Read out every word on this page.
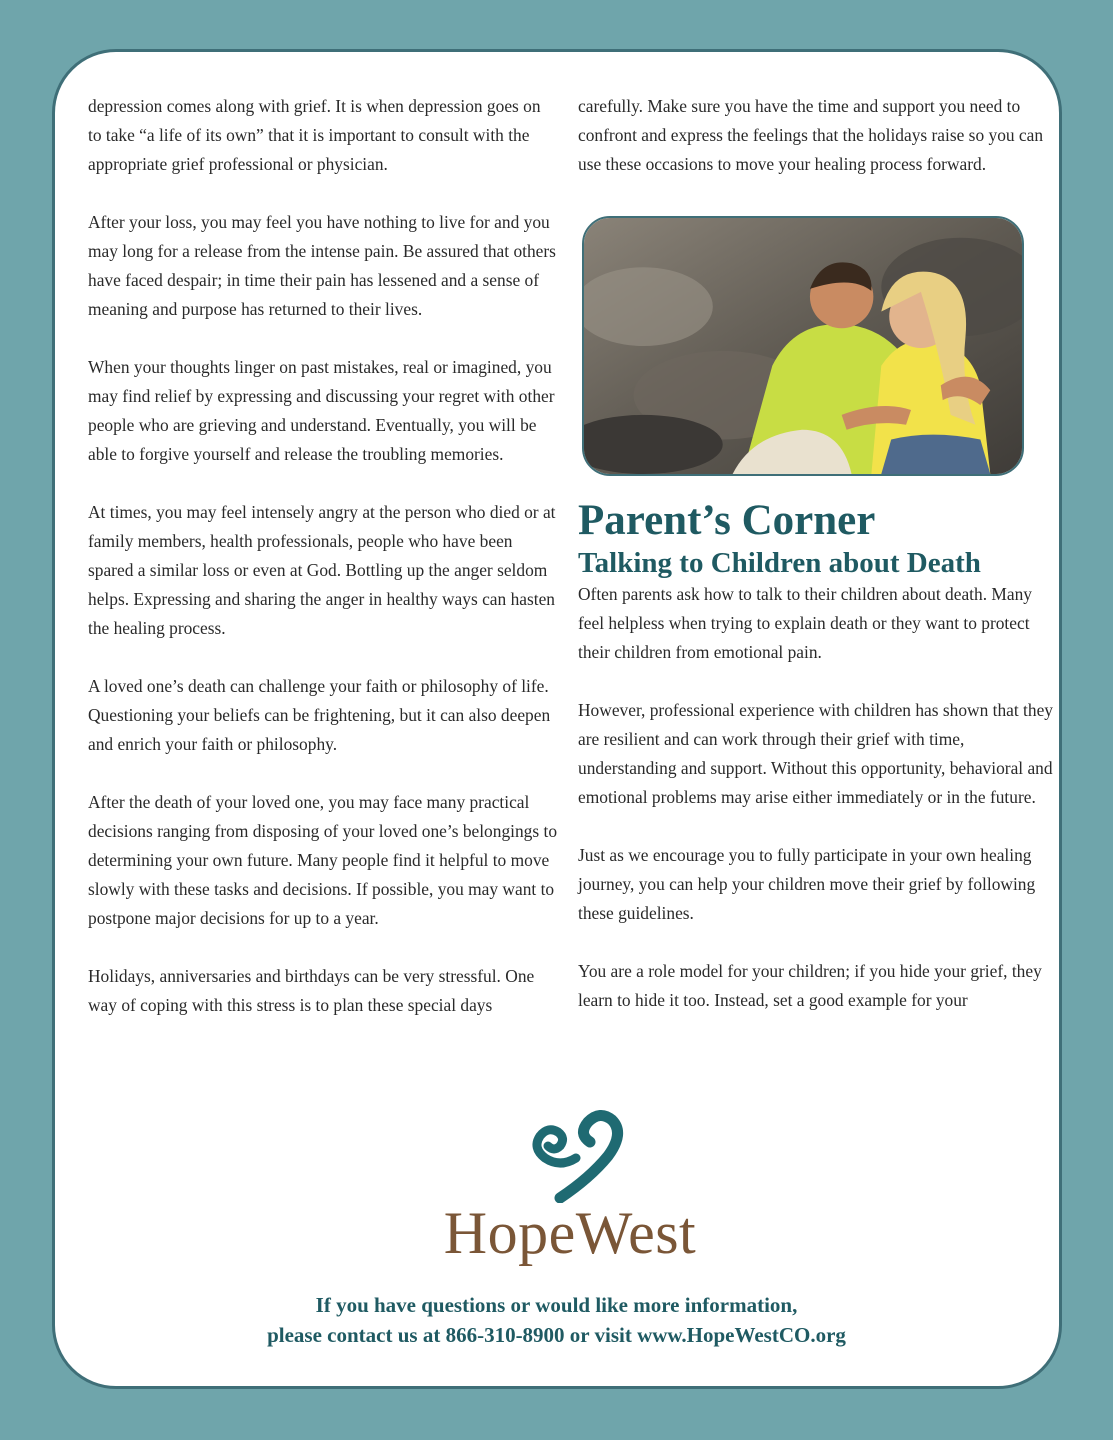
depression comes along with grief. It is when depression goes on to take “a life of its own” that it is important to consult with the appropriate grief professional or physician.

After your loss, you may feel you have nothing to live for and you may long for a release from the intense pain. Be assured that others have faced despair; in time their pain has lessened and a sense of meaning and purpose has returned to their lives.

When your thoughts linger on past mistakes, real or imagined, you may find relief by expressing and discussing your regret with other people who are grieving and understand. Eventually, you will be able to forgive yourself and release the troubling memories.

At times, you may feel intensely angry at the person who died or at family members, health professionals, people who have been spared a similar loss or even at God. Bottling up the anger seldom helps. Expressing and sharing the anger in healthy ways can hasten the healing process.

A loved one’s death can challenge your faith or philosophy of life. Questioning your beliefs can be frightening, but it can also deepen and enrich your faith or philosophy.

After the death of your loved one, you may face many practical decisions ranging from disposing of your loved one’s belongings to determining your own future. Many people find it helpful to move slowly with these tasks and decisions. If possible, you may want to postpone major decisions for up to a year.

Holidays, anniversaries and birthdays can be very stressful. One way of coping with this stress is to plan these special days

carefully. Make sure you have the time and support you need to confront and express the feelings that the holidays raise so you can use these occasions to move your healing process forward.

Parent’s Corner
Talking to Children about Death

Often parents ask how to talk to their children about death. Many feel helpless when trying to explain death or they want to protect their children from emotional pain.

However, professional experience with children has shown that they are resilient and can work through their grief with time, understanding and support. Without this opportunity, behavioral and emotional problems may arise either immediately or in the future.

Just as we encourage you to fully participate in your own healing journey, you can help your children move their grief by following these guidelines.

You are a role model for your children; if you hide your grief, they learn to hide it too. Instead, set a good example for your

HopeWest
If you have questions or would like more information,
please contact us at 866-310-8900 or visit www.HopeWestCO.org
